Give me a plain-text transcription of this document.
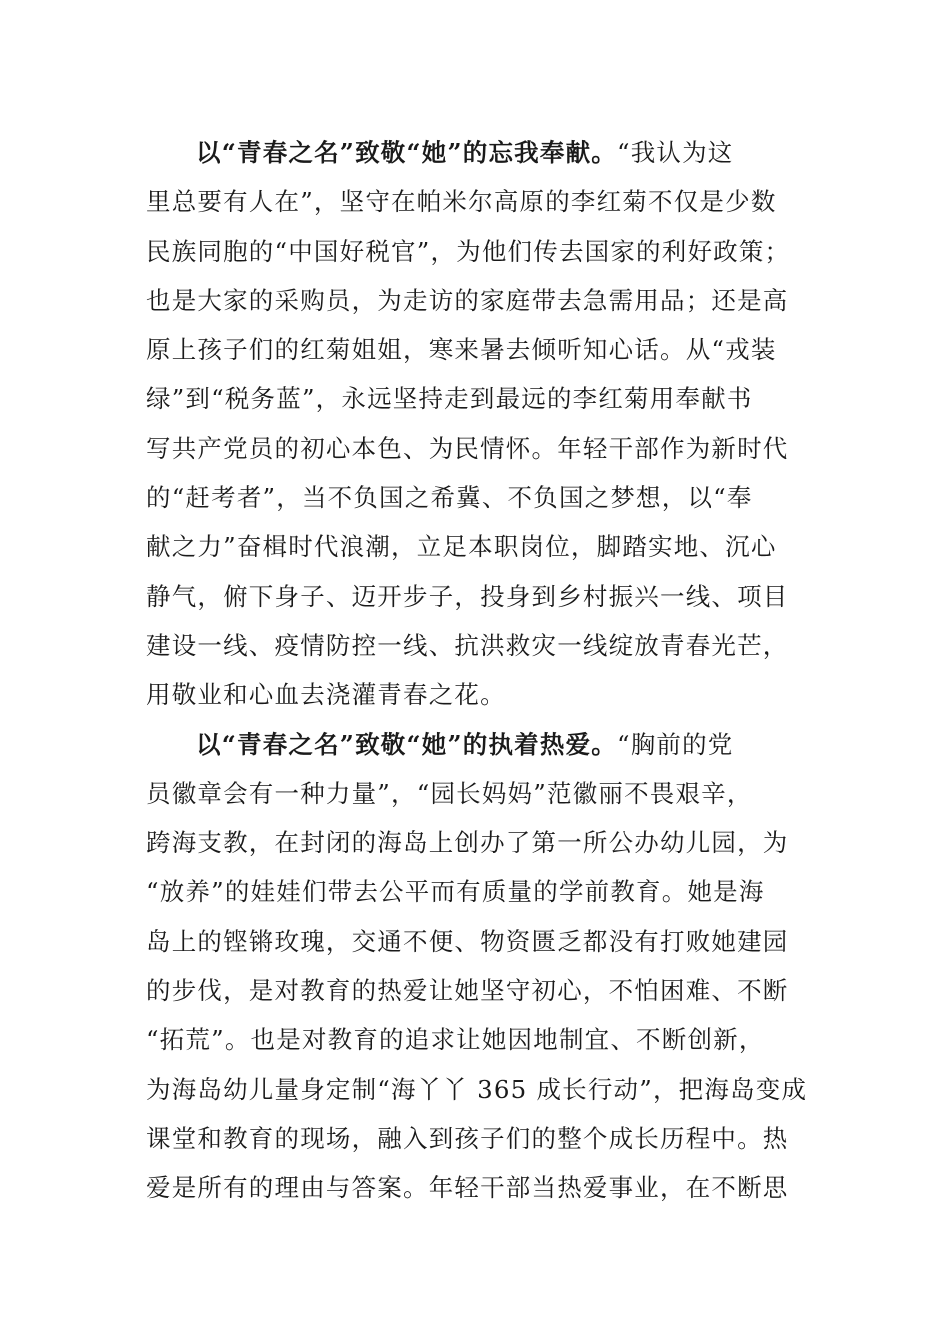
以“青春之名”致敬“她”的忘我奉献。“我认为这
里总要有人在”，坚守在帕米尔高原的李红菊不仅是少数
民族同胞的“中国好税官”，为他们传去国家的利好政策；
也是大家的采购员，为走访的家庭带去急需用品；还是高
原上孩子们的红菊姐姐，寒来暑去倾听知心话。从“戎装
绿”到“税务蓝”，永远坚持走到最远的李红菊用奉献书
写共产党员的初心本色、为民情怀。年轻干部作为新时代
的“赶考者”，当不负国之希冀、不负国之梦想，以“奉
献之力”奋楫时代浪潮，立足本职岗位，脚踏实地、沉心
静气，俯下身子、迈开步子，投身到乡村振兴一线、项目
建设一线、疫情防控一线、抗洪救灾一线绽放青春光芒，
用敬业和心血去浇灌青春之花。
以“青春之名”致敬“她”的执着热爱。“胸前的党
员徽章会有一种力量”，“园长妈妈”范徽丽不畏艰辛，
跨海支教，在封闭的海岛上创办了第一所公办幼儿园，为
“放养”的娃娃们带去公平而有质量的学前教育。她是海
岛上的铿锵玫瑰，交通不便、物资匮乏都没有打败她建园
的步伐，是对教育的热爱让她坚守初心，不怕困难、不断
“拓荒”。也是对教育的追求让她因地制宜、不断创新，
为海岛幼儿量身定制“海丫丫 365 成长行动”，把海岛变成
课堂和教育的现场，融入到孩子们的整个成长历程中。热
爱是所有的理由与答案。年轻干部当热爱事业，在不断思
